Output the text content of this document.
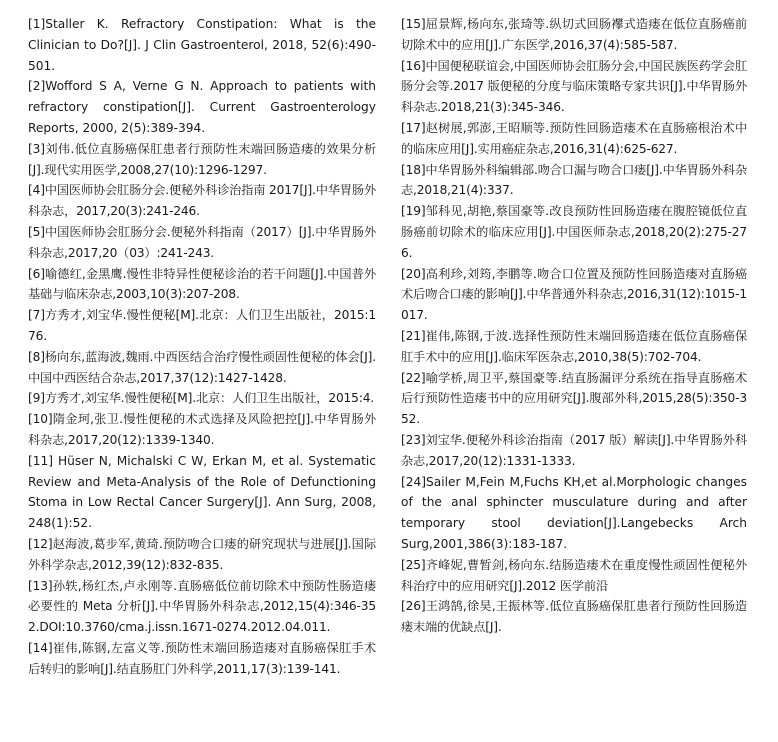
[1]Staller K. Refractory Constipation: What is the Clinician to Do?[J]. J Clin Gastroenterol, 2018, 52(6):490-501.

[2]Wofford S A, Verne G N. Approach to patients with refractory constipation[J]. Current Gastroenterology Reports, 2000, 2(5):389-394.

[3]刘伟.低位直肠癌保肛患者行预防性末端回肠造瘘的效果分析[J].现代实用医学,2008,27(10):1296-1297.

[4]中国医师协会肛肠分会.便秘外科诊治指南 2017[J].中华胃肠外科杂志，2017,20(3):241-246.

[5]中国医师协会肛肠分会.便秘外科指南（2017）[J].中华胃肠外科杂志,2017,20（03）:241-243.

[6]喻德红,金黑鹰.慢性非特异性便秘诊治的若干问题[J].中国普外基础与临床杂志,2003,10(3):207-208.

[7]方秀才,刘宝华.慢性便秘[M].北京：人们卫生出版社，2015:176.

[8]杨向东,蓝海波,魏雨.中西医结合治疗慢性顽固性便秘的体会[J].中国中西医结合杂志,2017,37(12):1427-1428.

[9]方秀才,刘宝华.慢性便秘[M].北京：人们卫生出版社，2015:4.

[10]隋金珂,张卫.慢性便秘的术式选择及风险把控[J].中华胃肠外科杂志,2017,20(12):1339-1340.

[11] Hüser N, Michalski C W, Erkan M, et al. Systematic Review and Meta-Analysis of the Role of Defunctioning Stoma in Low Rectal Cancer Surgery[J]. Ann Surg, 2008, 248(1):52.

[12]赵海波,葛步军,黄琦.预防吻合口瘘的研究现状与进展[J].国际外科学杂志,2012,39(12):832-835.

[13]孙轶,杨红杰,卢永刚等.直肠癌低位前切除术中预防性肠造瘘必要性的 Meta 分析[J].中华胃肠外科杂志,2012,15(4):346-352.DOI:10.3760/cma.j.issn.1671-0274.2012.04.011.

[14]崔伟,陈钢,左富义等.预防性末端回肠造瘘对直肠癌保肛手术后转归的影响[J].结直肠肛门外科学,2011,17(3):139-141.

[15]屈景辉,杨向东,张琦等.纵切式回肠襻式造瘘在低位直肠癌前切除术中的应用[J].广东医学,2016,37(4):585-587.

[16]中国便秘联谊会,中国医师协会肛肠分会,中国民族医药学会肛肠分会等.2017 版便秘的分度与临床策略专家共识[J].中华胃肠外科杂志.2018,21(3):345-346.

[17]赵树展,郭澎,王昭顺等.预防性回肠造瘘术在直肠癌根治术中的临床应用[J].实用癌症杂志,2016,31(4):625-627.

[18]中华胃肠外科编辑部.吻合口漏与吻合口瘘[J].中华胃肠外科杂志,2018,21(4):337.

[19]邹科见,胡艳,蔡国豪等.改良预防性回肠造瘘在腹腔镜低位直肠癌前切除术的临床应用[J].中国医师杂志,2018,20(2):275-276.

[20]高利珍,刘筠,李鹏等.吻合口位置及预防性回肠造瘘对直肠癌术后吻合口瘘的影响[J].中华普通外科杂志,2016,31(12):1015-1017.

[21]崔伟,陈钢,于波.选择性预防性末端回肠造瘘在低位直肠癌保肛手术中的应用[J].临床军医杂志,2010,38(5):702-704.

[22]喻学桥,周卫平,蔡国豪等.结直肠漏评分系统在指导直肠癌术后行预防性造瘘书中的应用研究[J].腹部外科,2015,28(5):350-352.

[23]刘宝华.便秘外科诊治指南（2017 版）解读[J].中华胃肠外科杂志,2017,20(12):1331-1333.

[24]Sailer M,Fein M,Fuchs KH,et al.Morphologic changes of the anal sphincter musculature during and after temporary stool deviation[J].Langebecks Arch Surg,2001,386(3):183-187.

[25]齐峰妮,曹暂剑,杨向东.结肠造瘘术在重度慢性顽固性便秘外科治疗中的应用研究[J].2012 医学前沿

[26]王鸿鹄,徐昊,王振林等.低位直肠癌保肛患者行预防性回肠造瘘末端的优缺点[J].
